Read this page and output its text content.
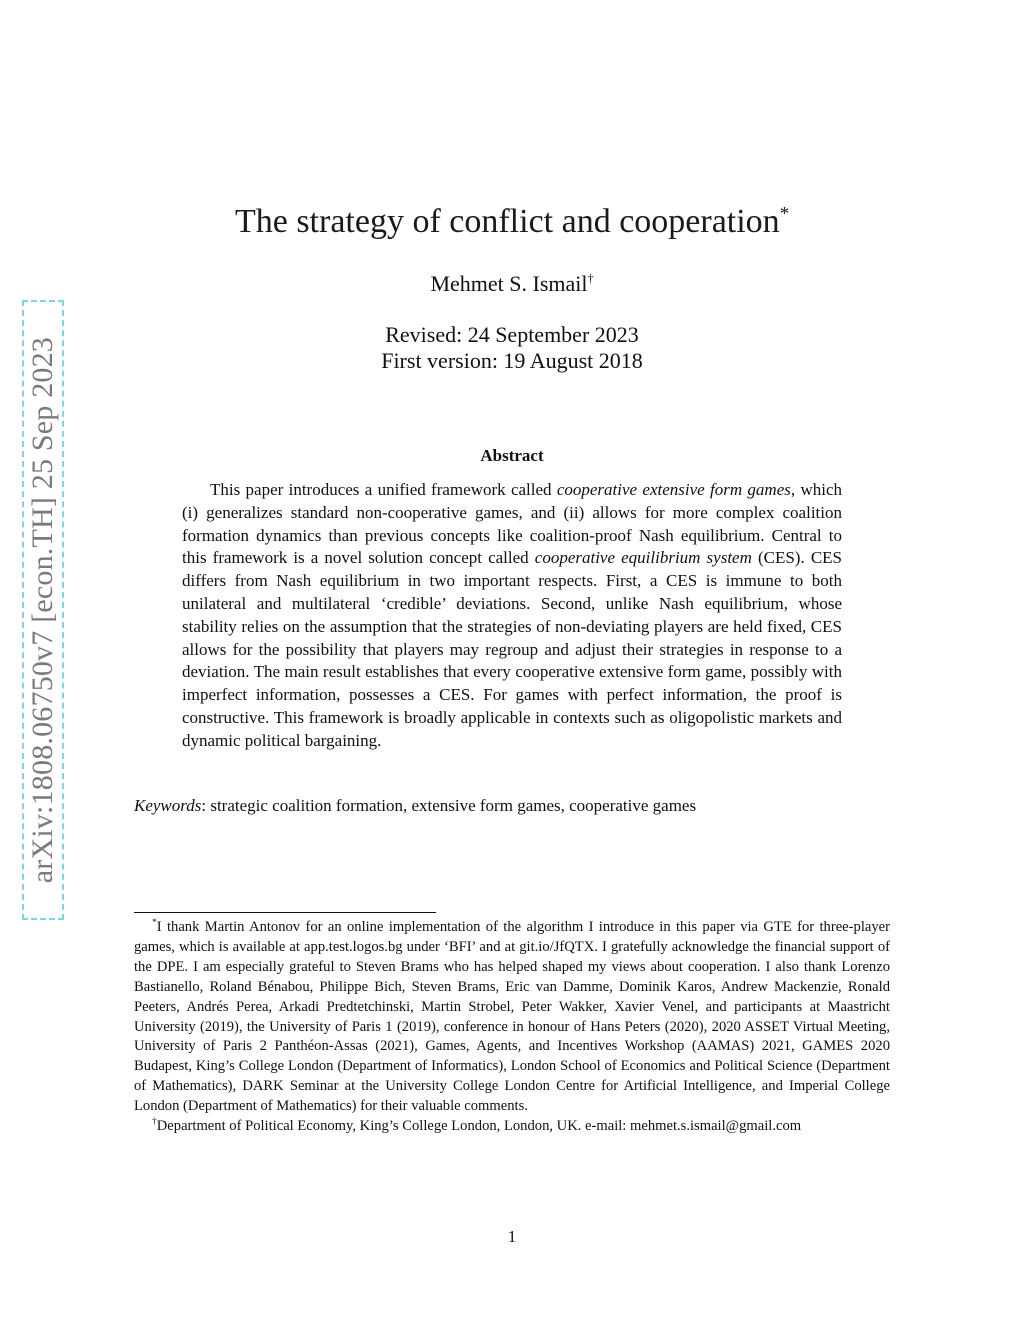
arXiv:1808.06750v7 [econ.TH] 25 Sep 2023
The strategy of conflict and cooperation*
Mehmet S. Ismail†
Revised: 24 September 2023
First version: 19 August 2018
Abstract

This paper introduces a unified framework called cooperative extensive form games, which (i) generalizes standard non-cooperative games, and (ii) allows for more complex coalition formation dynamics than previous concepts like coalition-proof Nash equilibrium. Central to this framework is a novel solution concept called cooperative equilibrium system (CES). CES differs from Nash equilibrium in two important respects. First, a CES is immune to both unilateral and multilateral ‘credible’ deviations. Second, unlike Nash equilibrium, whose stability relies on the assumption that the strategies of non-deviating players are held fixed, CES allows for the possibility that players may regroup and adjust their strategies in response to a deviation. The main result establishes that every cooperative extensive form game, possibly with imperfect information, possesses a CES. For games with perfect information, the proof is constructive. This framework is broadly applicable in contexts such as oligopolistic markets and dynamic political bargaining.

Keywords: strategic coalition formation, extensive form games, cooperative games

*I thank Martin Antonov for an online implementation of the algorithm I introduce in this paper via GTE for three-player games, which is available at app.test.logos.bg under ‘BFI’ and at git.io/JfQTX. I gratefully acknowledge the financial support of the DPE. I am especially grateful to Steven Brams who has helped shaped my views about cooperation. I also thank Lorenzo Bastianello, Roland Bénabou, Philippe Bich, Steven Brams, Eric van Damme, Dominik Karos, Andrew Mackenzie, Ronald Peeters, Andrés Perea, Arkadi Predtetchinski, Martin Strobel, Peter Wakker, Xavier Venel, and participants at Maastricht University (2019), the University of Paris 1 (2019), conference in honour of Hans Peters (2020), 2020 ASSET Virtual Meeting, University of Paris 2 Panthéon-Assas (2021), Games, Agents, and Incentives Workshop (AAMAS) 2021, GAMES 2020 Budapest, King’s College London (Department of Informatics), London School of Economics and Political Science (Department of Mathematics), DARK Seminar at the University College London Centre for Artificial Intelligence, and Imperial College London (Department of Mathematics) for their valuable comments.

†Department of Political Economy, King’s College London, London, UK. e-mail: mehmet.s.ismail@gmail.com

1
